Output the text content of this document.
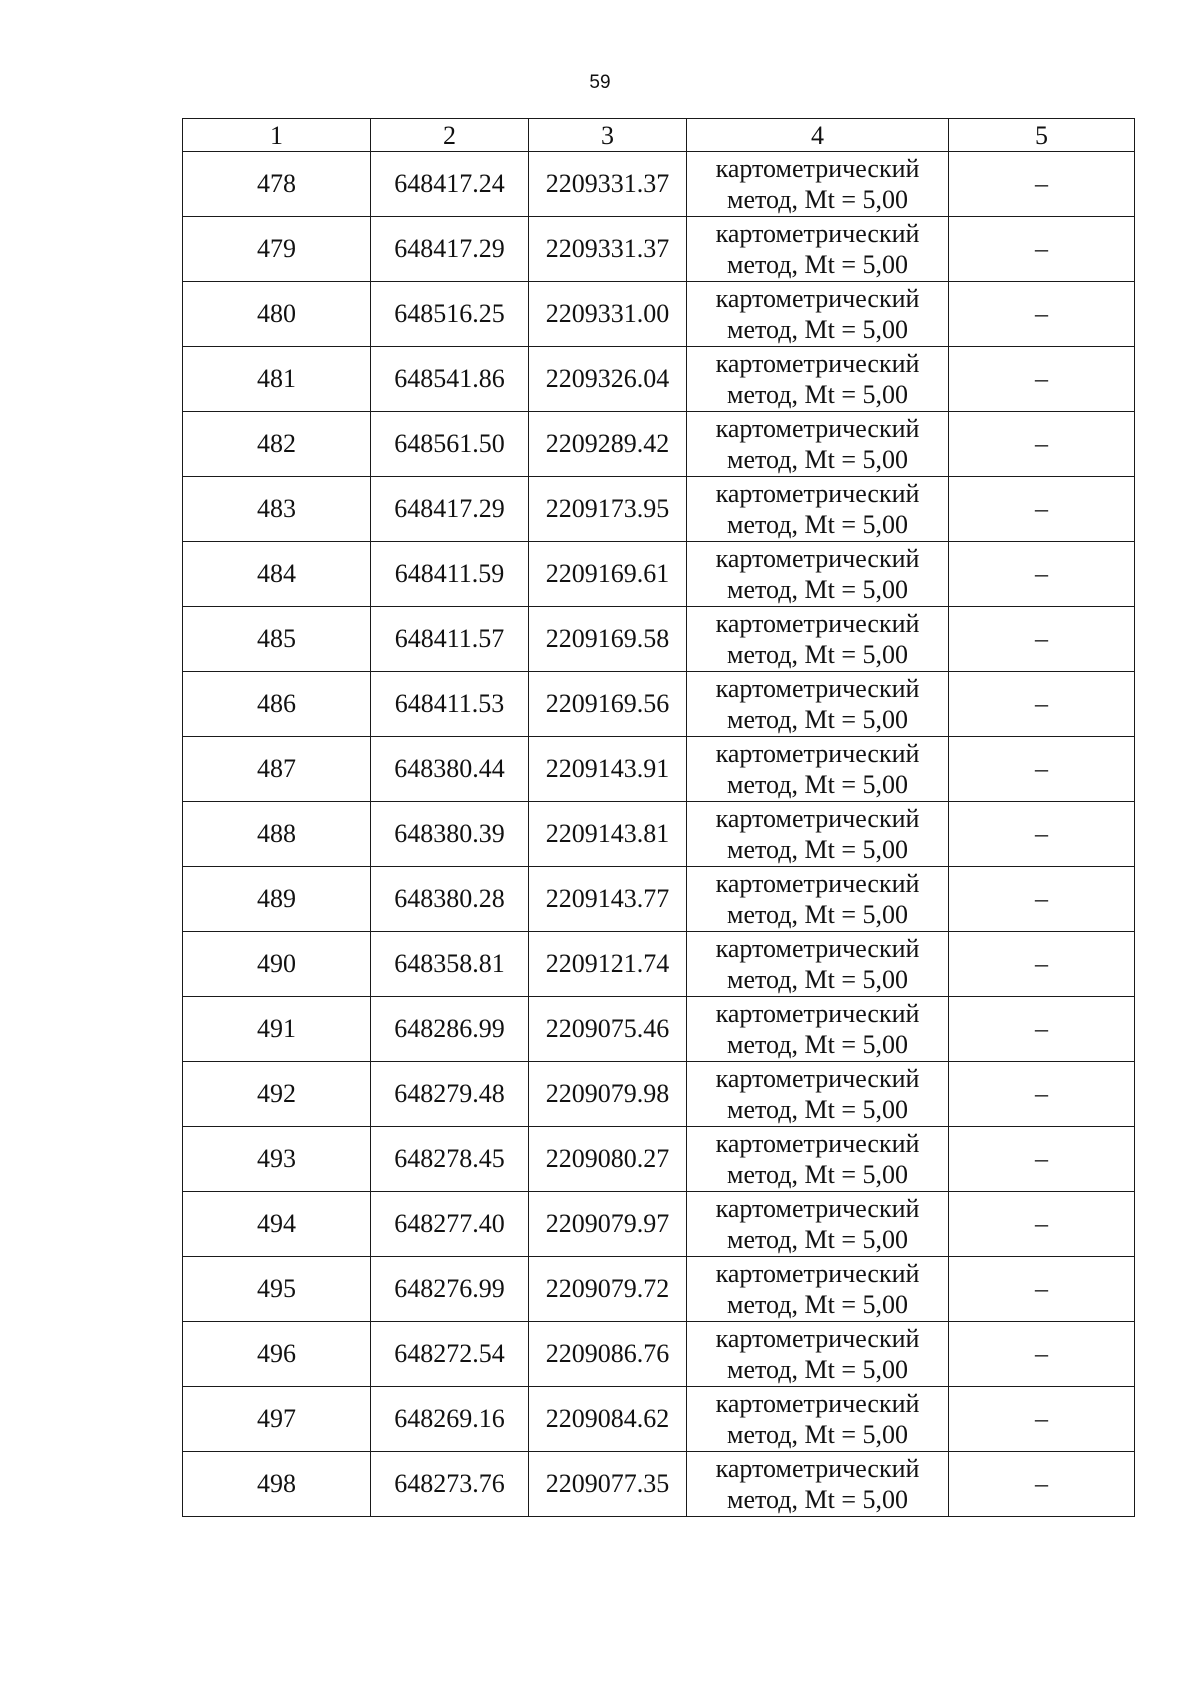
59
1	2	3	4	5
478	648417.24	2209331.37	картометрический
метод, Mt = 5,00	–
479	648417.29	2209331.37	картометрический
метод, Mt = 5,00	–
480	648516.25	2209331.00	картометрический
метод, Mt = 5,00	–
481	648541.86	2209326.04	картометрический
метод, Mt = 5,00	–
482	648561.50	2209289.42	картометрический
метод, Mt = 5,00	–
483	648417.29	2209173.95	картометрический
метод, Mt = 5,00	–
484	648411.59	2209169.61	картометрический
метод, Mt = 5,00	–
485	648411.57	2209169.58	картометрический
метод, Mt = 5,00	–
486	648411.53	2209169.56	картометрический
метод, Mt = 5,00	–
487	648380.44	2209143.91	картометрический
метод, Mt = 5,00	–
488	648380.39	2209143.81	картометрический
метод, Mt = 5,00	–
489	648380.28	2209143.77	картометрический
метод, Mt = 5,00	–
490	648358.81	2209121.74	картометрический
метод, Mt = 5,00	–
491	648286.99	2209075.46	картометрический
метод, Mt = 5,00	–
492	648279.48	2209079.98	картометрический
метод, Mt = 5,00	–
493	648278.45	2209080.27	картометрический
метод, Mt = 5,00	–
494	648277.40	2209079.97	картометрический
метод, Mt = 5,00	–
495	648276.99	2209079.72	картометрический
метод, Mt = 5,00	–
496	648272.54	2209086.76	картометрический
метод, Mt = 5,00	–
497	648269.16	2209084.62	картометрический
метод, Mt = 5,00	–
498	648273.76	2209077.35	картометрический
метод, Mt = 5,00	–
